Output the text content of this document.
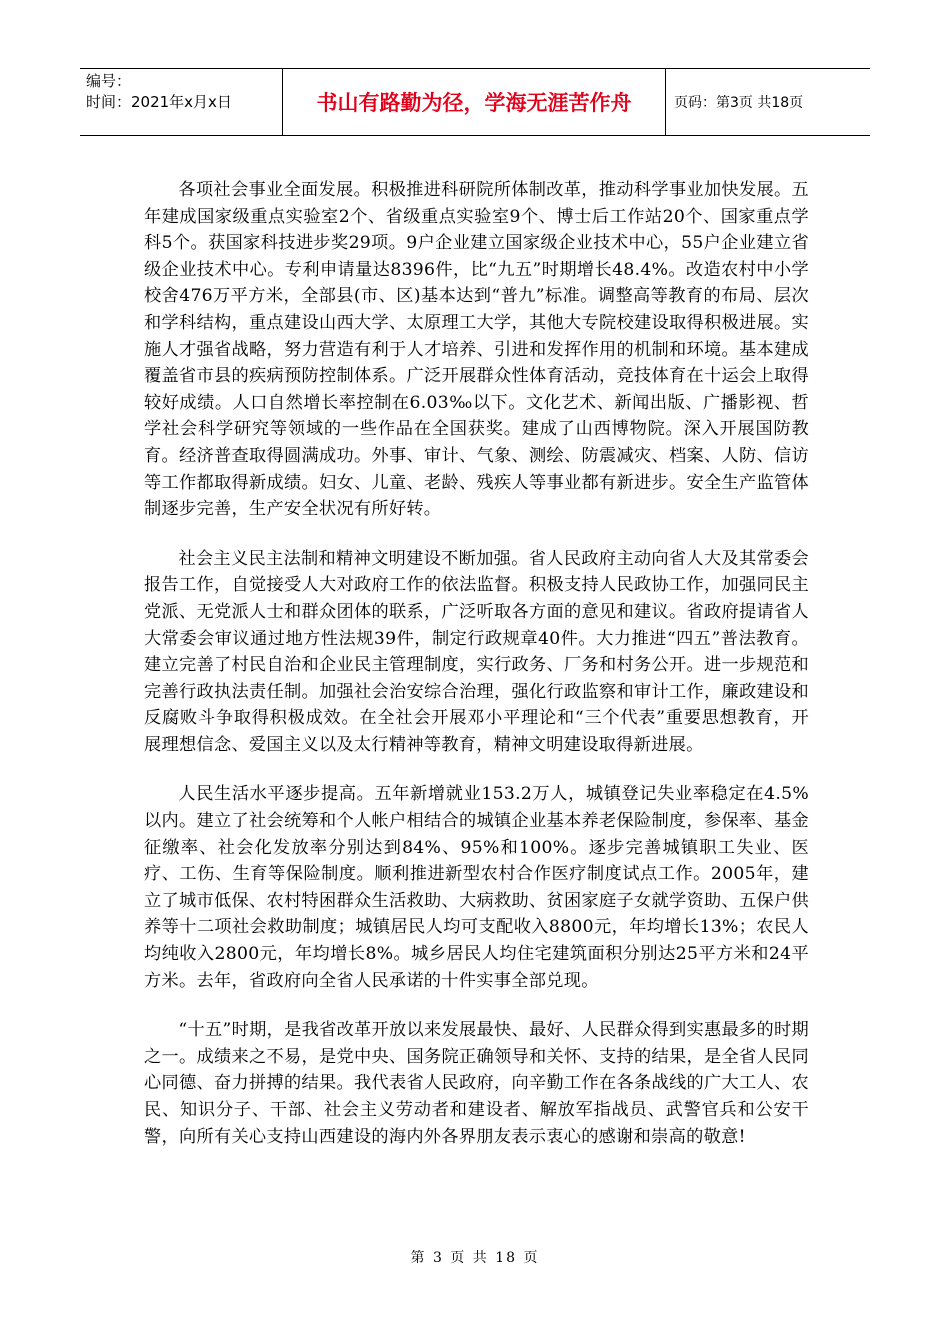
编号：
时间：2021年x月x日	书山有路勤为径，学海无涯苦作舟	页码：第3页 共18页

各项社会事业全面发展。积极推进科研院所体制改革，推动科学事业加快发展。五年建成国家级重点实验室2个、省级重点实验室9个、博士后工作站20个、国家重点学科5个。获国家科技进步奖29项。9户企业建立国家级企业技术中心，55户企业建立省级企业技术中心。专利申请量达8396件，比“九五”时期增长48.4%。改造农村中小学校舍476万平方米，全部县(市、区)基本达到“普九”标准。调整高等教育的布局、层次和学科结构，重点建设山西大学、太原理工大学，其他大专院校建设取得积极进展。实施人才强省战略，努力营造有利于人才培养、引进和发挥作用的机制和环境。基本建成覆盖省市县的疾病预防控制体系。广泛开展群众性体育活动，竞技体育在十运会上取得较好成绩。人口自然增长率控制在6.03‰以下。文化艺术、新闻出版、广播影视、哲学社会科学研究等领域的一些作品在全国获奖。建成了山西博物院。深入开展国防教育。经济普查取得圆满成功。外事、审计、气象、测绘、防震减灾、档案、人防、信访等工作都取得新成绩。妇女、儿童、老龄、残疾人等事业都有新进步。安全生产监管体制逐步完善，生产安全状况有所好转。

社会主义民主法制和精神文明建设不断加强。省人民政府主动向省人大及其常委会报告工作，自觉接受人大对政府工作的依法监督。积极支持人民政协工作，加强同民主党派、无党派人士和群众团体的联系，广泛听取各方面的意见和建议。省政府提请省人大常委会审议通过地方性法规39件，制定行政规章40件。大力推进“四五”普法教育。建立完善了村民自治和企业民主管理制度，实行政务、厂务和村务公开。进一步规范和完善行政执法责任制。加强社会治安综合治理，强化行政监察和审计工作，廉政建设和反腐败斗争取得积极成效。在全社会开展邓小平理论和“三个代表”重要思想教育，开展理想信念、爱国主义以及太行精神等教育，精神文明建设取得新进展。

人民生活水平逐步提高。五年新增就业153.2万人，城镇登记失业率稳定在4.5%以内。建立了社会统筹和个人帐户相结合的城镇企业基本养老保险制度，参保率、基金征缴率、社会化发放率分别达到84%、95%和100%。逐步完善城镇职工失业、医疗、工伤、生育等保险制度。顺利推进新型农村合作医疗制度试点工作。2005年，建立了城市低保、农村特困群众生活救助、大病救助、贫困家庭子女就学资助、五保户供养等十二项社会救助制度；城镇居民人均可支配收入8800元，年均增长13%；农民人均纯收入2800元，年均增长8%。城乡居民人均住宅建筑面积分别达25平方米和24平方米。去年，省政府向全省人民承诺的十件实事全部兑现。

“十五”时期，是我省改革开放以来发展最快、最好、人民群众得到实惠最多的时期之一。成绩来之不易，是党中央、国务院正确领导和关怀、支持的结果，是全省人民同心同德、奋力拼搏的结果。我代表省人民政府，向辛勤工作在各条战线的广大工人、农民、知识分子、干部、社会主义劳动者和建设者、解放军指战员、武警官兵和公安干警，向所有关心支持山西建设的海内外各界朋友表示衷心的感谢和崇高的敬意!

第 3 页 共 18 页
